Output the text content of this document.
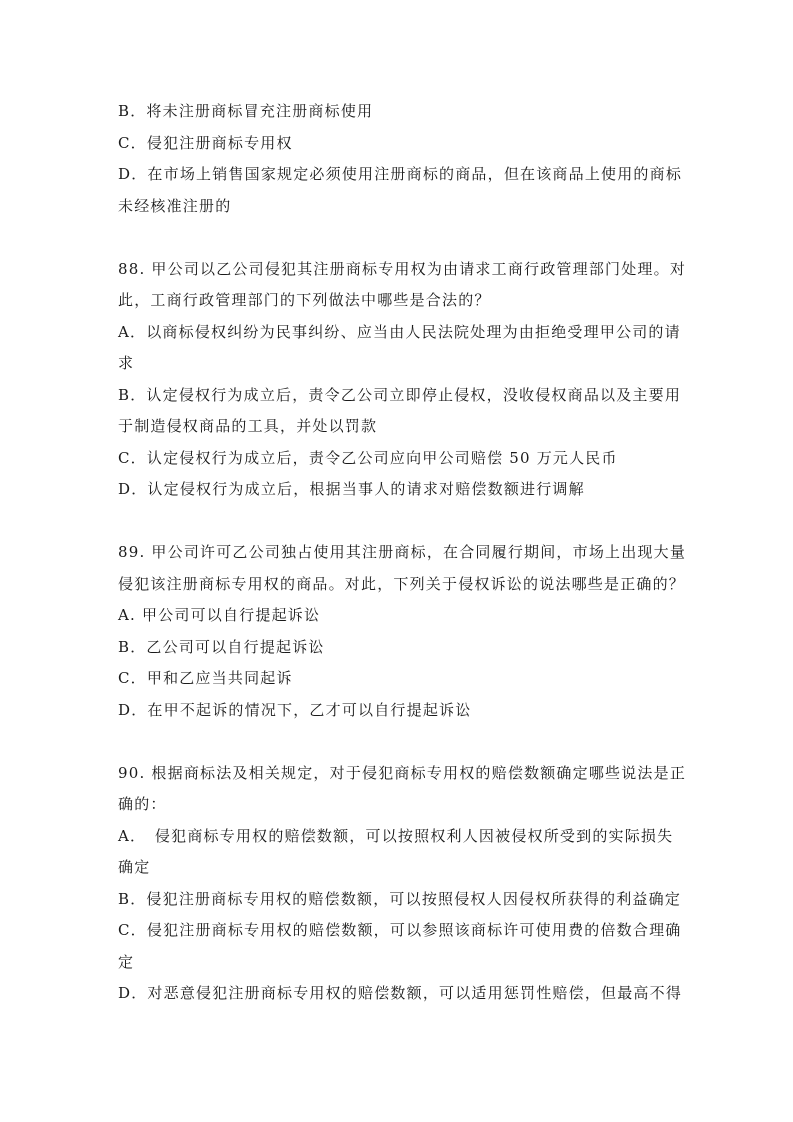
B．将未注册商标冒充注册商标使用
C．侵犯注册商标专用权
D．在市场上销售国家规定必须使用注册商标的商品，但在该商品上使用的商标
未经核准注册的
88. 甲公司以乙公司侵犯其注册商标专用权为由请求工商行政管理部门处理。对
此，工商行政管理部门的下列做法中哪些是合法的？
A．以商标侵权纠纷为民事纠纷、应当由人民法院处理为由拒绝受理甲公司的请
求
B．认定侵权行为成立后，责令乙公司立即停止侵权，没收侵权商品以及主要用
于制造侵权商品的工具，并处以罚款
C．认定侵权行为成立后，责令乙公司应向甲公司赔偿 50 万元人民币
D．认定侵权行为成立后，根据当事人的请求对赔偿数额进行调解
89. 甲公司许可乙公司独占使用其注册商标，在合同履行期间，市场上出现大量
侵犯该注册商标专用权的商品。对此，下列关于侵权诉讼的说法哪些是正确的？
A. 甲公司可以自行提起诉讼
B．乙公司可以自行提起诉讼
C．甲和乙应当共同起诉
D．在甲不起诉的情况下，乙才可以自行提起诉讼
90. 根据商标法及相关规定，对于侵犯商标专用权的赔偿数额确定哪些说法是正
确的：
A．　侵犯商标专用权的赔偿数额，可以按照权利人因被侵权所受到的实际损失
确定
B．侵犯注册商标专用权的赔偿数额，可以按照侵权人因侵权所获得的利益确定
C．侵犯注册商标专用权的赔偿数额，可以参照该商标许可使用费的倍数合理确
定
D．对恶意侵犯注册商标专用权的赔偿数额，可以适用惩罚性赔偿，但最高不得
